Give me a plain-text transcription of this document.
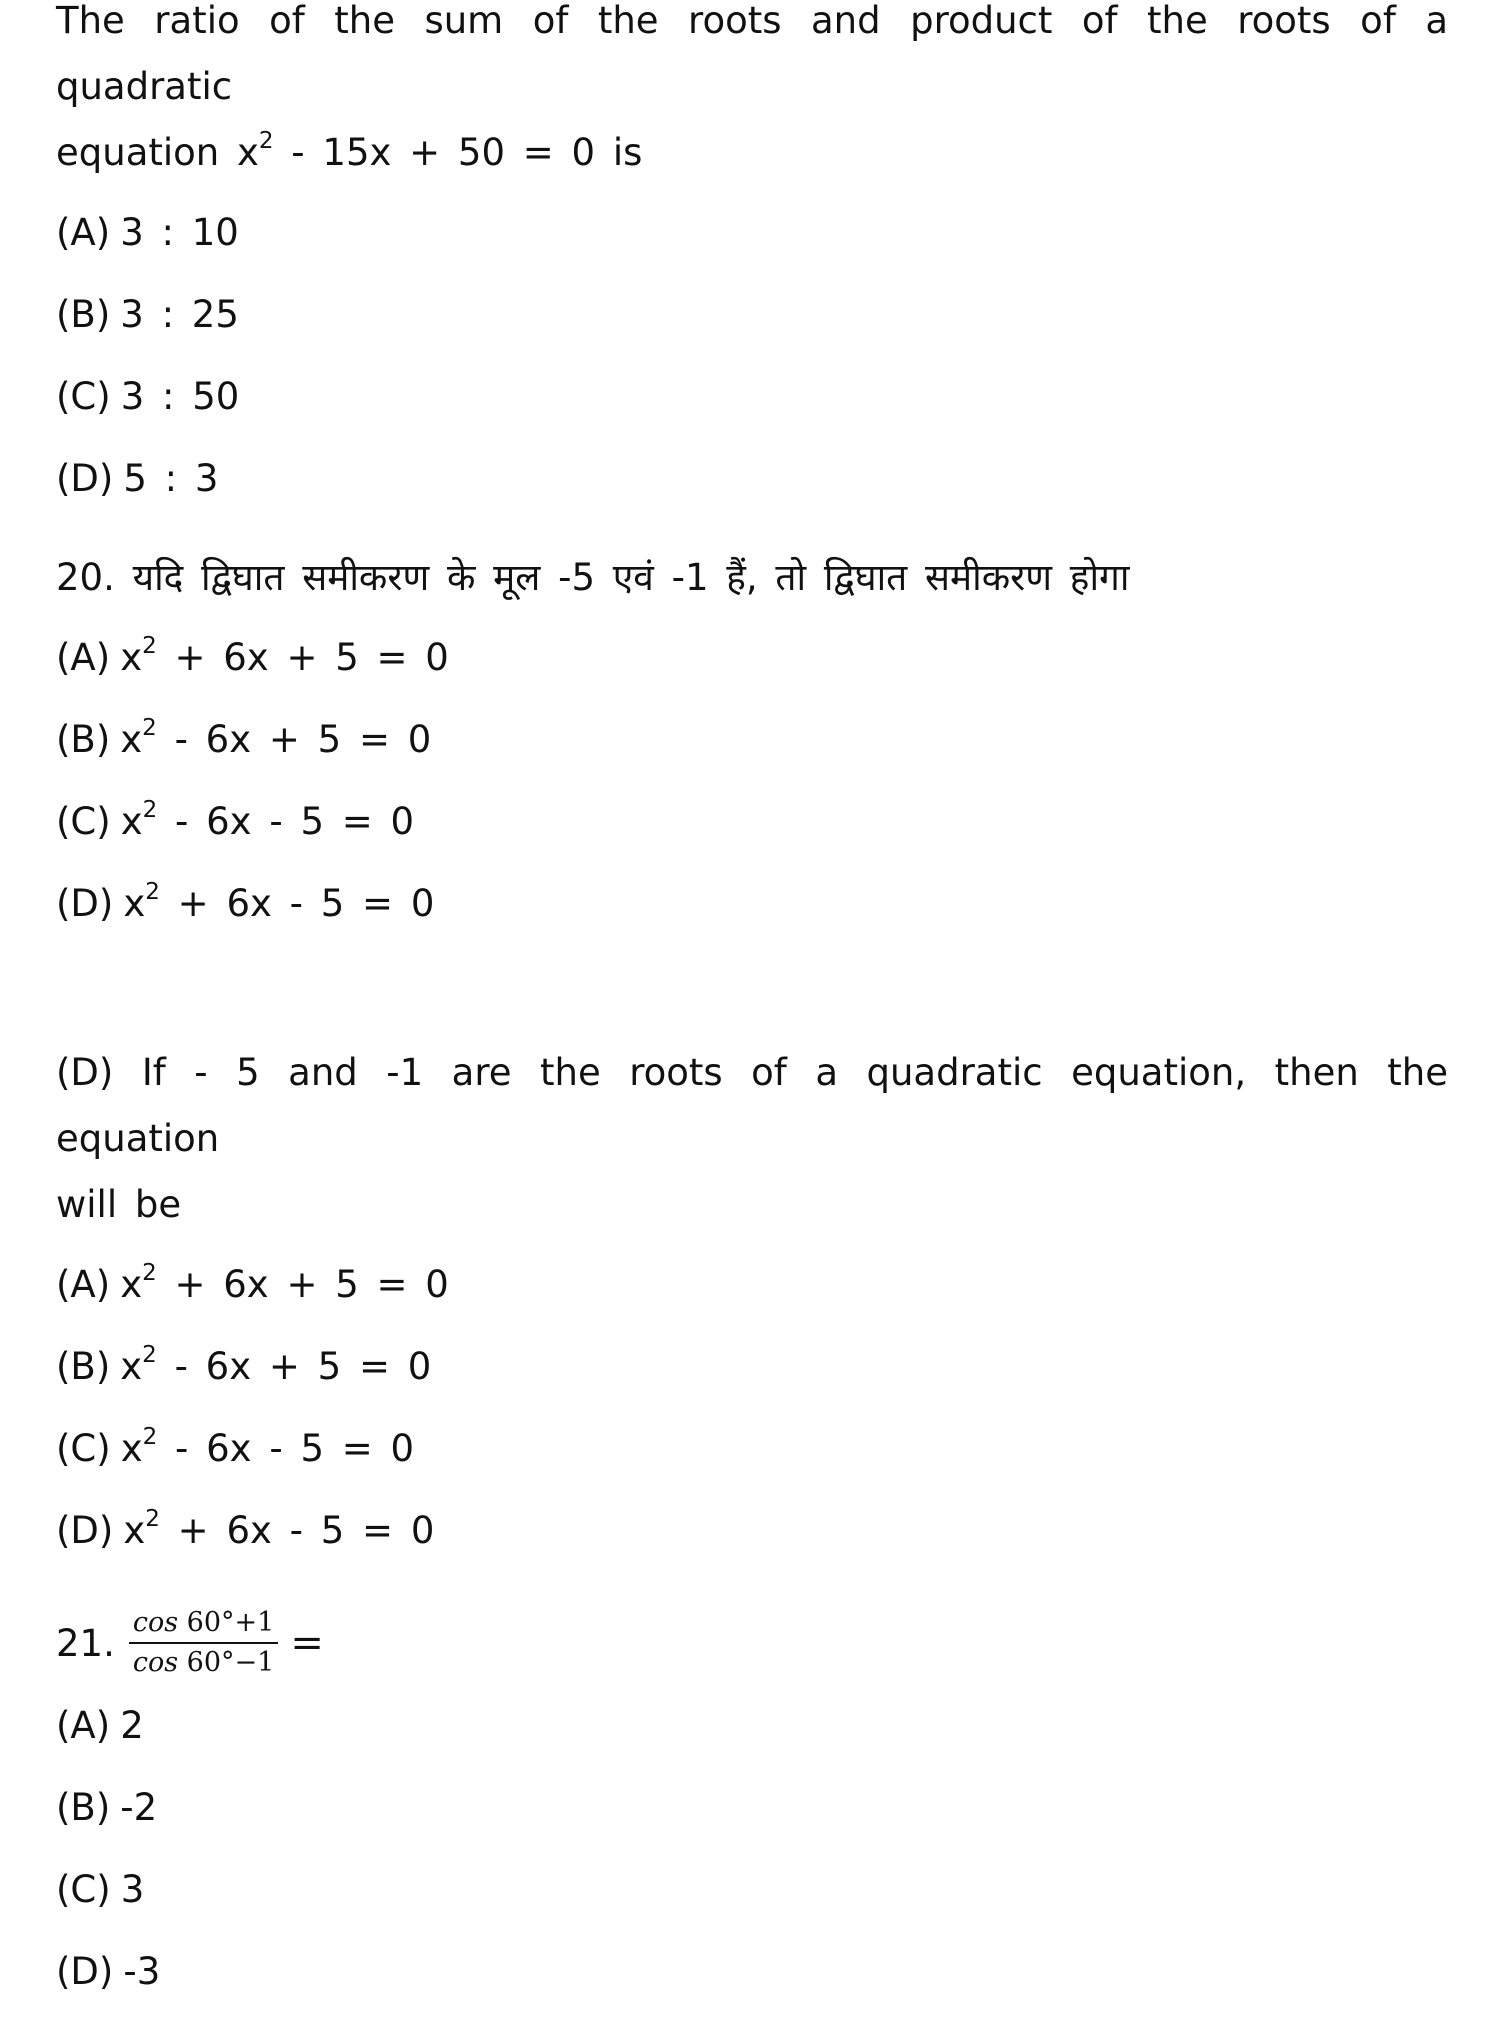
The ratio of the sum of the roots and product of the roots of a quadratic
equation $x^2 - 15x + 50 = 0$ is
(A) 3 : 10
(B) 3 : 25
(C) 3 : 50
(D) 5 : 3
20. यदि द्विघात समीकरण के मूल -5 एवं -1 हैं, तो द्विघात समीकरण होगा
(A) $x^2 + 6x + 5 = 0$
(B) $x^2 - 6x + 5 = 0$
(C) $x^2 - 6x - 5 = 0$
(D) $x^2 + 6x - 5 = 0$
(D) If - 5 and -1 are the roots of a quadratic equation, then the equation
will be
(A) $x^2 + 6x + 5 = 0$
(B) $x^2 - 6x + 5 = 0$
(C) $x^2 - 6x - 5 = 0$
(D) $x^2 + 6x - 5 = 0$
21. $\frac{\cos 60^\circ+1}{\cos 60^\circ-1}$ =
(A) 2
(B) -2
(C) 3
(D) -3
